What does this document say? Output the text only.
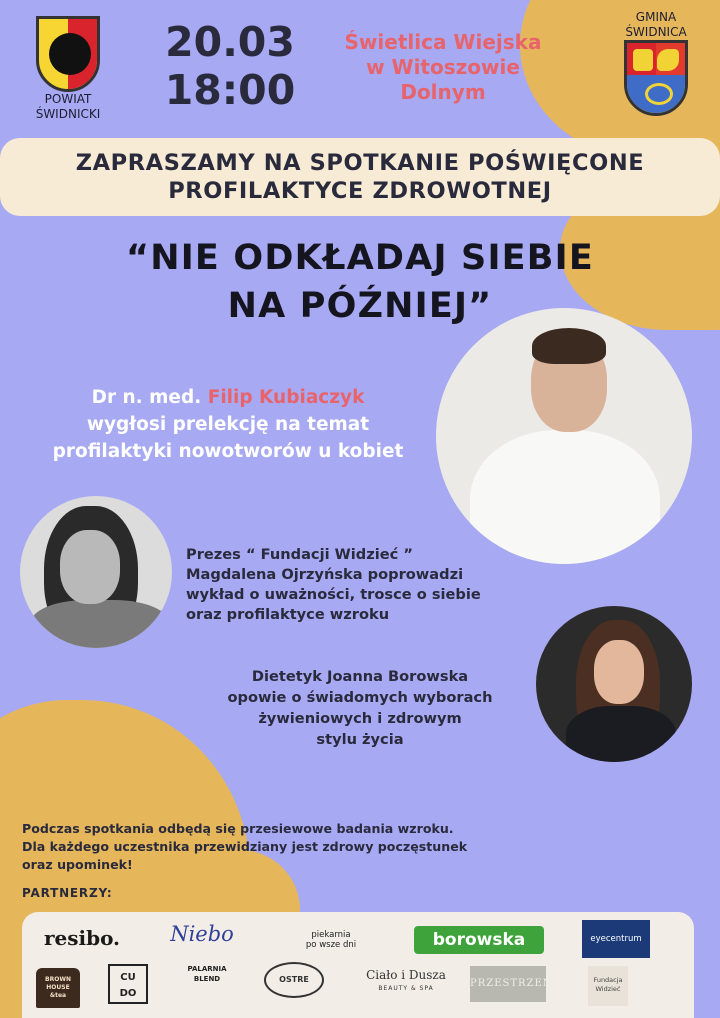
POWIAT
ŚWIDNICKI
20.03
18:00
Świetlica Wiejska
w Witoszowie
Dolnym
GMINA
ŚWIDNICA
ZAPRASZAMY NA SPOTKANIE POŚWIĘCONE
PROFILAKTYCE ZDROWOTNEJ
“NIE ODKŁADAJ SIEBIE
NA PÓŹNIEJ”
Dr n. med. Filip Kubiaczyk
wygłosi prelekcję na temat
profilaktyki nowotworów u kobiet
Prezes “ Fundacji Widzieć ”
Magdalena Ojrzyńska poprowadzi
wykład o uważności, trosce o siebie
oraz profilaktyce wzroku
Dietetyk Joanna Borowska
opowie o świadomych wyborach
żywieniowych i zdrowym
stylu życia
Podczas spotkania odbędą się przesiewowe badania wzroku.
Dla każdego uczestnika przewidziany jest zdrowy poczęstunek
oraz upominek!
PARTNERZY:
resibo.	Niebo	piekarnia
po wsze dni	borowska	eyecentrum
BROWN
HOUSE
&tea
CU
DO
PALARNIA
BLEND	OSTRE	Ciało i Dusza
BEAUTY & SPA	PRZESTRZEŃ	Fundacja
Widzieć
